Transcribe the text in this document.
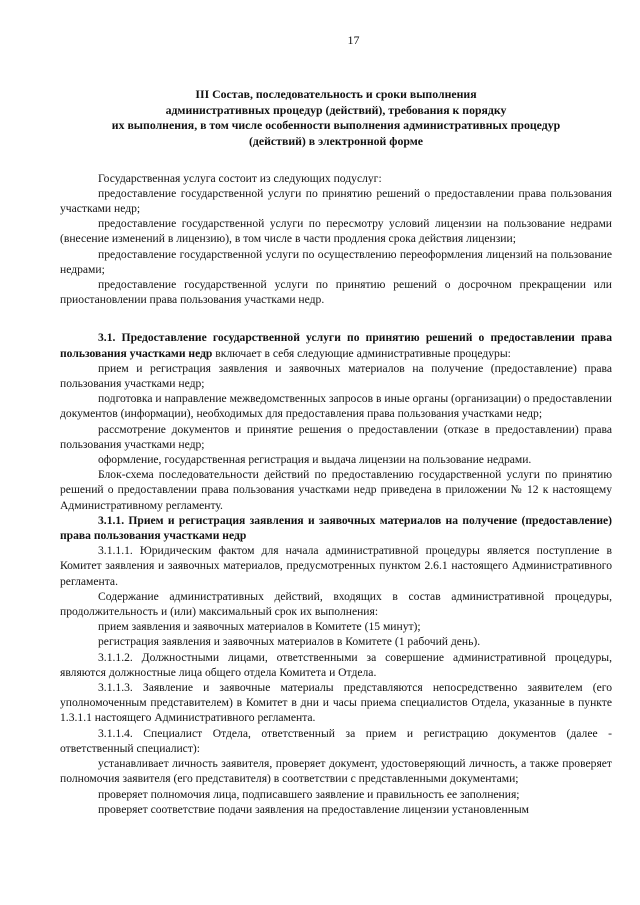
17
III Состав, последовательность и сроки выполнения
административных процедур (действий), требования к порядку
их выполнения, в том числе особенности выполнения административных процедур
(действий) в электронной форме

Государственная услуга состоит из следующих подуслуг:

предоставление государственной услуги по принятию решений о предоставлении права пользования участками недр;

предоставление государственной услуги по пересмотру условий лицензии на пользование недрами (внесение изменений в лицензию), в том числе в части продления срока действия лицензии;

предоставление государственной услуги по осуществлению переоформления лицензий на пользование недрами;

предоставление государственной услуги по принятию решений о досрочном прекращении или приостановлении права пользования участками недр.

3.1. Предоставление государственной услуги по принятию решений о предоставлении права пользования участками недр включает в себя следующие административные процедуры:

прием и регистрация заявления и заявочных материалов на получение (предоставление) права пользования участками недр;

подготовка и направление межведомственных запросов в иные органы (организации) о предоставлении документов (информации), необходимых для предоставления права пользования участками недр;

рассмотрение документов и принятие решения о предоставлении (отказе в предоставлении) права пользования участками недр;

оформление, государственная регистрация и выдача лицензии на пользование недрами.

Блок-схема последовательности действий по предоставлению государственной услуги по принятию решений о предоставлении права пользования участками недр приведена в приложении № 12 к настоящему Административному регламенту.

3.1.1. Прием и регистрация заявления и заявочных материалов на получение (предоставление) права пользования участками недр

3.1.1.1. Юридическим фактом для начала административной процедуры является поступление в Комитет заявления и заявочных материалов, предусмотренных пунктом 2.6.1 настоящего Административного регламента.

Содержание административных действий, входящих в состав административной процедуры, продолжительность и (или) максимальный срок их выполнения:

прием заявления и заявочных материалов в Комитете (15 минут);

регистрация заявления и заявочных материалов в Комитете (1 рабочий день).

3.1.1.2. Должностными лицами, ответственными за совершение административной процедуры, являются должностные лица общего отдела Комитета и Отдела.

3.1.1.3. Заявление и заявочные материалы представляются непосредственно заявителем (его уполномоченным представителем) в Комитет в дни и часы приема специалистов Отдела, указанные в пункте 1.3.1.1 настоящего Административного регламента.

3.1.1.4. Специалист Отдела, ответственный за прием и регистрацию документов (далее - ответственный специалист):

устанавливает личность заявителя, проверяет документ, удостоверяющий личность, а также проверяет полномочия заявителя (его представителя) в соответствии с представленными документами;

проверяет полномочия лица, подписавшего заявление и правильность ее заполнения;

проверяет соответствие подачи заявления на предоставление лицензии установленным
